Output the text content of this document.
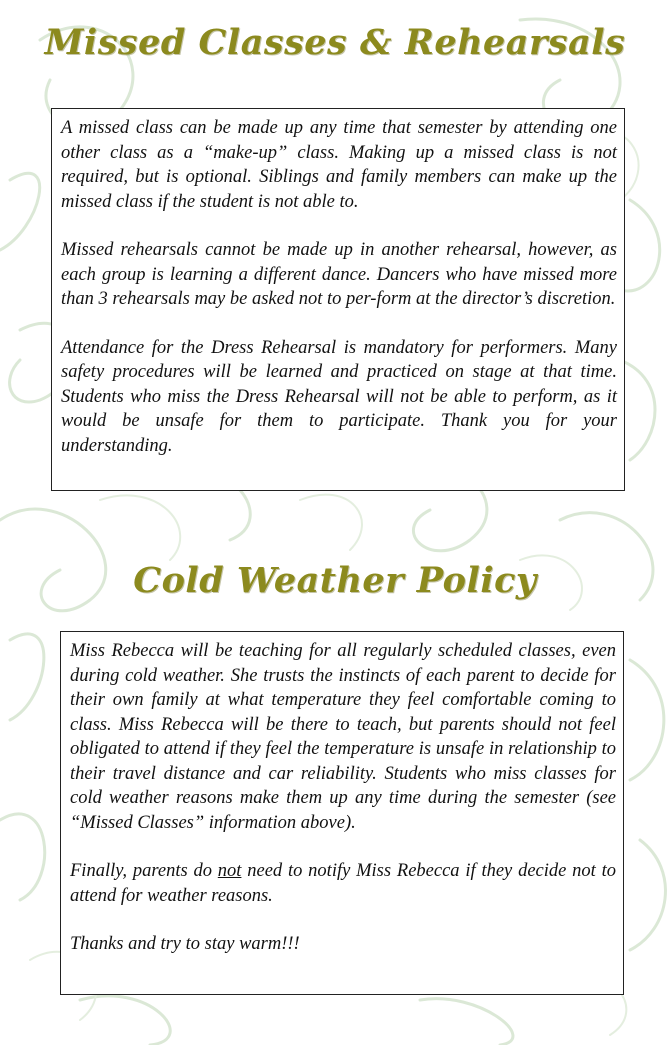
Missed Classes & Rehearsals

A missed class can be made up any time that semester by attending one other class as a “make-up” class. Making up a missed class is not required, but is optional. Siblings and family members can make up the missed class if the student is not able to.

Missed rehearsals cannot be made up in another rehearsal, however, as each group is learning a different dance. Dancers who have missed more than 3 rehearsals may be asked not to per-form at the director’s discretion.

Attendance for the Dress Rehearsal is mandatory for performers. Many safety procedures will be learned and practiced on stage at that time. Students who miss the Dress Rehearsal will not be able to perform, as it would be unsafe for them to participate. Thank you for your understanding.

Cold Weather Policy

Miss Rebecca will be teaching for all regularly scheduled classes, even during cold weather. She trusts the instincts of each parent to decide for their own family at what temperature they feel comfortable coming to class. Miss Rebecca will be there to teach, but parents should not feel obligated to attend if they feel the temperature is unsafe in relationship to their travel distance and car reliability. Students who miss classes for cold weather reasons make them up any time during the semester (see “Missed Classes” information above).

Finally, parents do not need to notify Miss Rebecca if they decide not to attend for weather reasons.

Thanks and try to stay warm!!!
